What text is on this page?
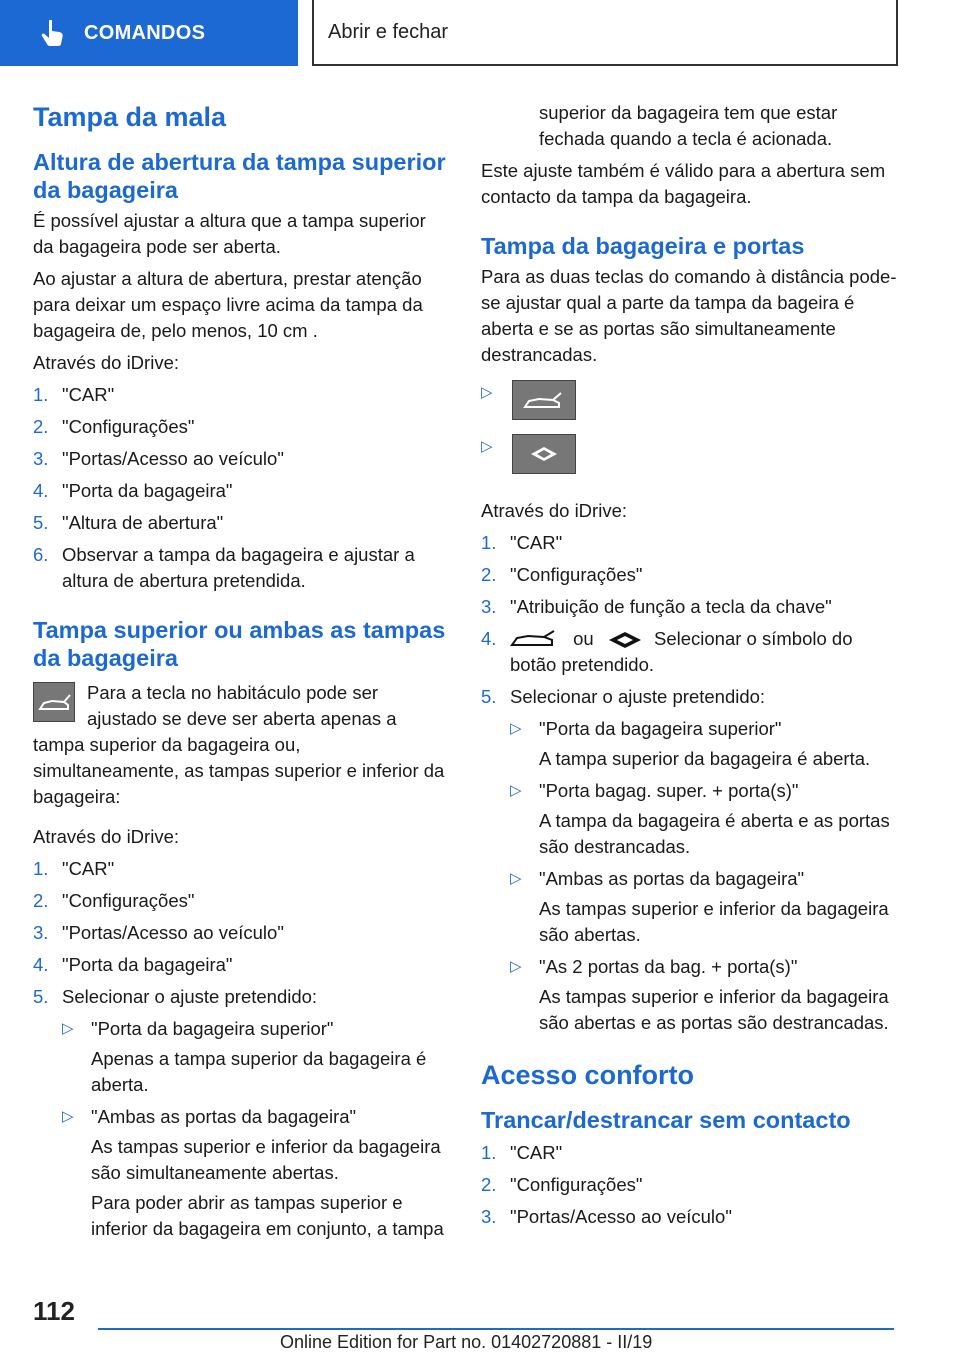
COMANDOS	Abrir e fechar
Tampa da mala
Altura de abertura da tampa superior da bagageira

É possível ajustar a altura que a tampa superior da bagageira pode ser aberta.

Ao ajustar a altura de abertura, prestar atenção para deixar um espaço livre acima da tampa da bagageira de, pelo menos, 10 cm .

Através do iDrive:

1. "CAR"
2. "Configurações"
3. "Portas/Acesso ao veículo"
4. "Porta da bagageira"
5. "Altura de abertura"
6. Observar a tampa da bagageira e ajustar a altura de abertura pretendida.
Tampa superior ou ambas as tampas da bagageira

Para a tecla no habitáculo pode ser ajustado se deve ser aberta apenas a tampa superior da bagageira ou, simultaneamente, as tampas superior e inferior da bagageira:

Através do iDrive:

1. "CAR"
2. "Configurações"
3. "Portas/Acesso ao veículo"
4. "Porta da bagageira"
5. Selecionar o ajuste pretendido:
▷ "Porta da bagageira superior"

Apenas a tampa superior da bagageira é aberta.

▷ "Ambas as portas da bagageira"

As tampas superior e inferior da bagageira são simultaneamente abertas.

Para poder abrir as tampas superior e inferior da bagageira em conjunto, a tampa

superior da bagageira tem que estar fechada quando a tecla é acionada.

Este ajuste também é válido para a abertura sem contacto da tampa da bagageira.

Tampa da bagageira e portas

Para as duas teclas do comando à distância pode-se ajustar qual a parte da tampa da bageira é aberta e se as portas são simultaneamente destrancadas.

▷
▷

Através do iDrive:

1. "CAR"
2. "Configurações"
3. "Atribuição de função a tecla da chave"
4.	ou	Selecionar o símbolo do botão pretendido.
5. Selecionar o ajuste pretendido:
▷ "Porta da bagageira superior"

A tampa superior da bagageira é aberta.

▷ "Porta bagag. super. + porta(s)"

A tampa da bagageira é aberta e as portas são destrancadas.

▷ "Ambas as portas da bagageira"

As tampas superior e inferior da bagageira são abertas.

▷ "As 2 portas da bag. + porta(s)"

As tampas superior e inferior da bagageira são abertas e as portas são destrancadas.

Acesso conforto
Trancar/destrancar sem contacto
1. "CAR"
2. "Configurações"
3. "Portas/Acesso ao veículo"
112
Online Edition for Part no. 01402720881 - II/19
